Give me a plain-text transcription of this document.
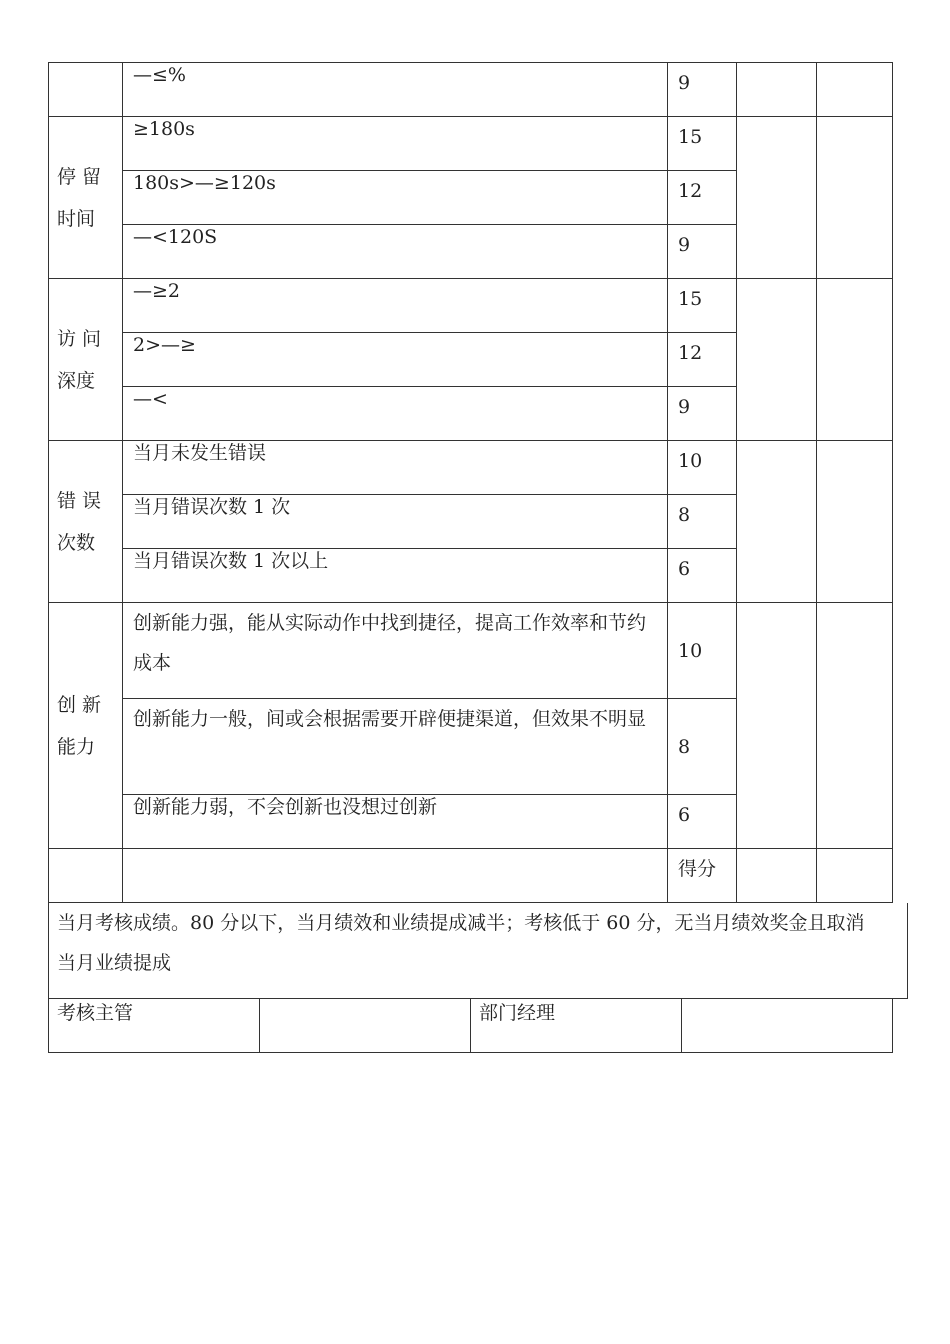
	—≤%	9		

停 留
时间	≥180s	15		

	180s>—≥120s	12		

	—<120S	9		

访 问
深度	—≥2	15		

	2>—≥	12		

	—<	9		

错 误
次数	当月未发生错误	10		

	当月错误次数 1 次	8		

	当月错误次数 1 次以上	6		

创 新
能力	创新能力强，能从实际动作中找到捷径，提高工作效率和节约成本	10		

	创新能力一般，间或会根据需要开辟便捷渠道，但效果不明显	8		

	创新能力弱，不会创新也没想过创新	6		
		得分		
当月考核成绩。80 分以下，当月绩效和业绩提成减半；考核低于 60 分，无当月绩效奖金且取消当月业绩提成
考核主管		部门经理	
